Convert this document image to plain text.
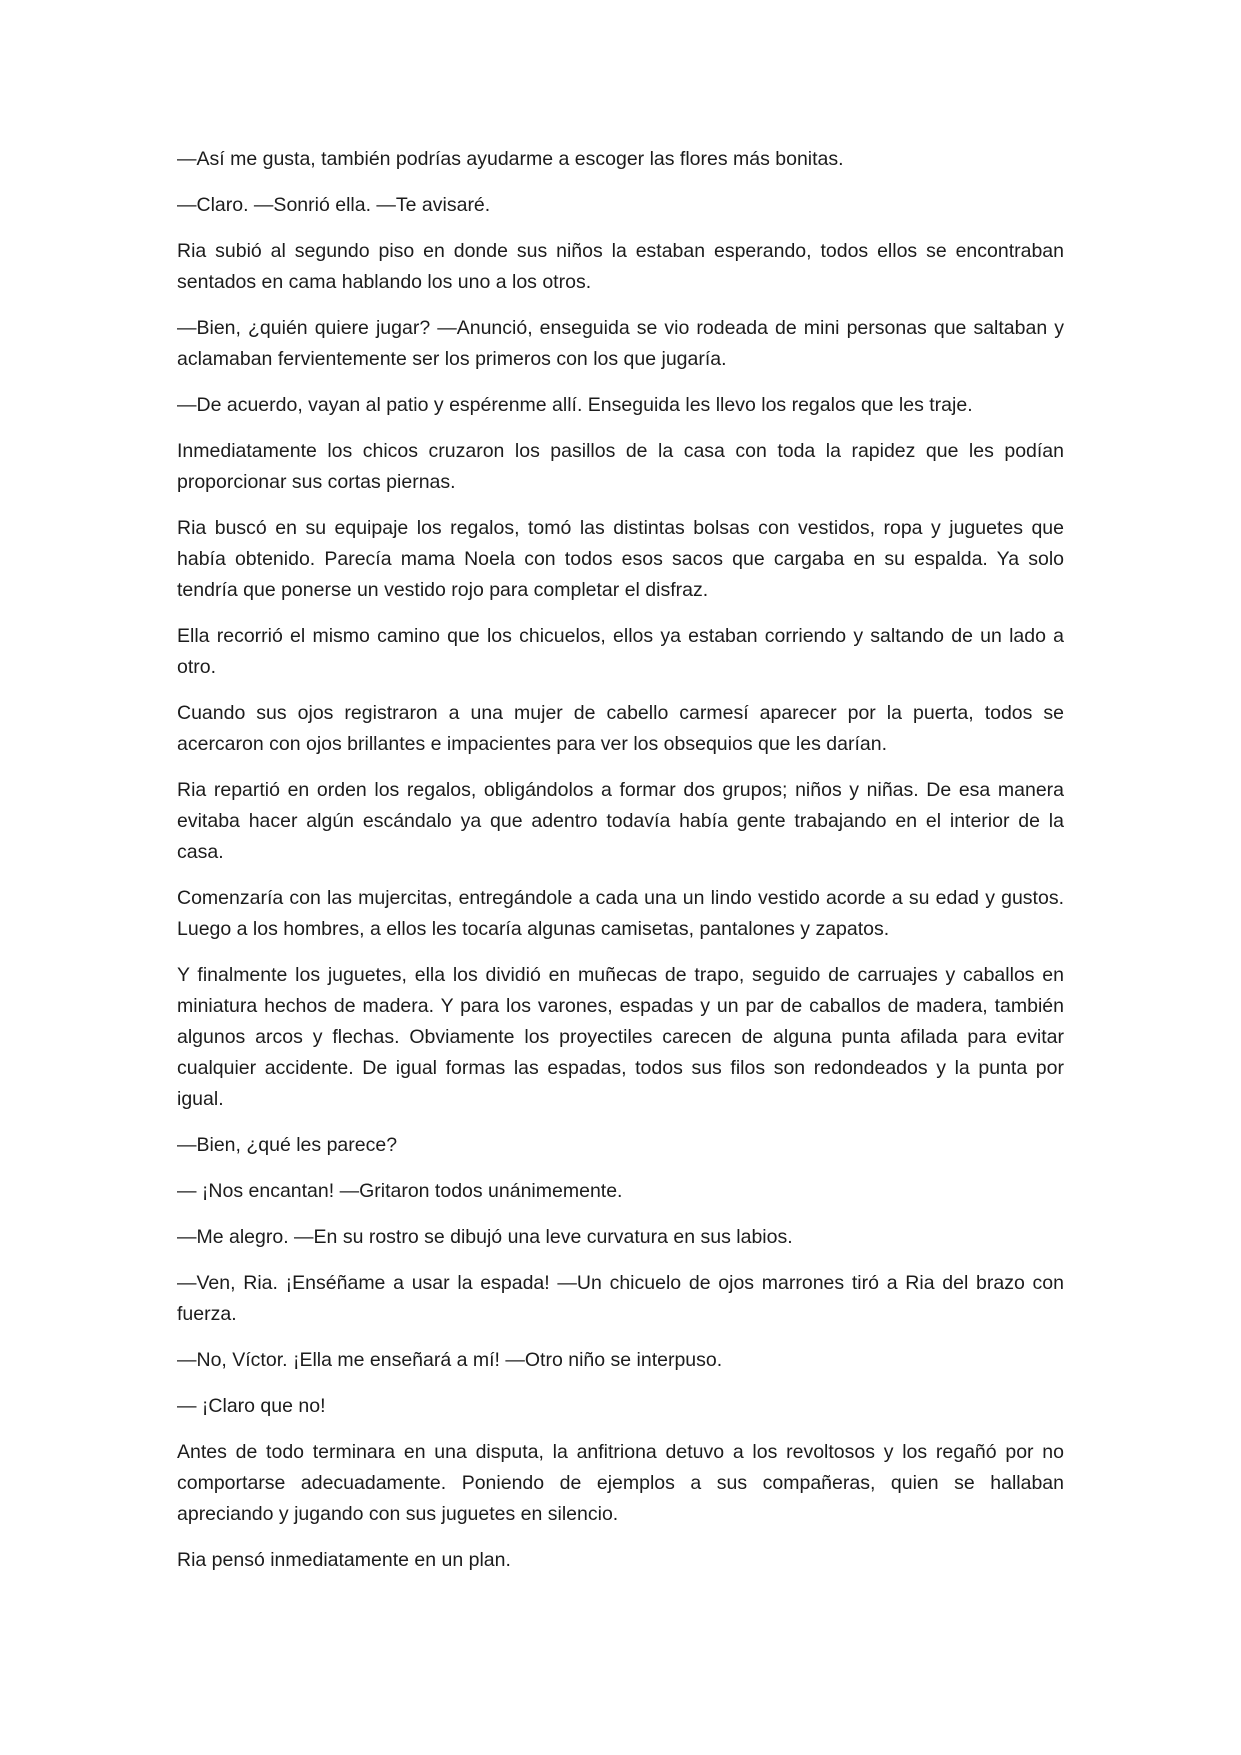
—Así me gusta, también podrías ayudarme a escoger las flores más bonitas.

—Claro. —Sonrió ella. —Te avisaré.

Ria subió al segundo piso en donde sus niños la estaban esperando, todos ellos se encontraban sentados en cama hablando los uno a los otros.

—Bien, ¿quién quiere jugar? —Anunció, enseguida se vio rodeada de mini personas que saltaban y aclamaban fervientemente ser los primeros con los que jugaría.

—De acuerdo, vayan al patio y espérenme allí. Enseguida les llevo los regalos que les traje.

Inmediatamente los chicos cruzaron los pasillos de la casa con toda la rapidez que les podían proporcionar sus cortas piernas.

Ria buscó en su equipaje los regalos, tomó las distintas bolsas con vestidos, ropa y juguetes que había obtenido. Parecía mama Noela con todos esos sacos que cargaba en su espalda. Ya solo tendría que ponerse un vestido rojo para completar el disfraz.

Ella recorrió el mismo camino que los chicuelos, ellos ya estaban corriendo y saltando de un lado a otro.

Cuando sus ojos registraron a una mujer de cabello carmesí aparecer por la puerta, todos se acercaron con ojos brillantes e impacientes para ver los obsequios que les darían.

Ria repartió en orden los regalos, obligándolos a formar dos grupos; niños y niñas. De esa manera evitaba hacer algún escándalo ya que adentro todavía había gente trabajando en el interior de la casa.

Comenzaría con las mujercitas, entregándole a cada una un lindo vestido acorde a su edad y gustos. Luego a los hombres, a ellos les tocaría algunas camisetas, pantalones y zapatos.

Y finalmente los juguetes, ella los dividió en muñecas de trapo, seguido de carruajes y caballos en miniatura hechos de madera. Y para los varones, espadas y un par de caballos de madera, también algunos arcos y flechas. Obviamente los proyectiles carecen de alguna punta afilada para evitar cualquier accidente. De igual formas las espadas, todos sus filos son redondeados y la punta por igual.

—Bien, ¿qué les parece?

— ¡Nos encantan! —Gritaron todos unánimemente.

—Me alegro. —En su rostro se dibujó una leve curvatura en sus labios.

—Ven, Ria. ¡Enséñame a usar la espada! —Un chicuelo de ojos marrones tiró a Ria del brazo con fuerza.

—No, Víctor. ¡Ella me enseñará a mí! —Otro niño se interpuso.

— ¡Claro que no!

Antes de todo terminara en una disputa, la anfitriona detuvo a los revoltosos y los regañó por no comportarse adecuadamente. Poniendo de ejemplos a sus compañeras, quien se hallaban apreciando y jugando con sus juguetes en silencio.

Ria pensó inmediatamente en un plan.
